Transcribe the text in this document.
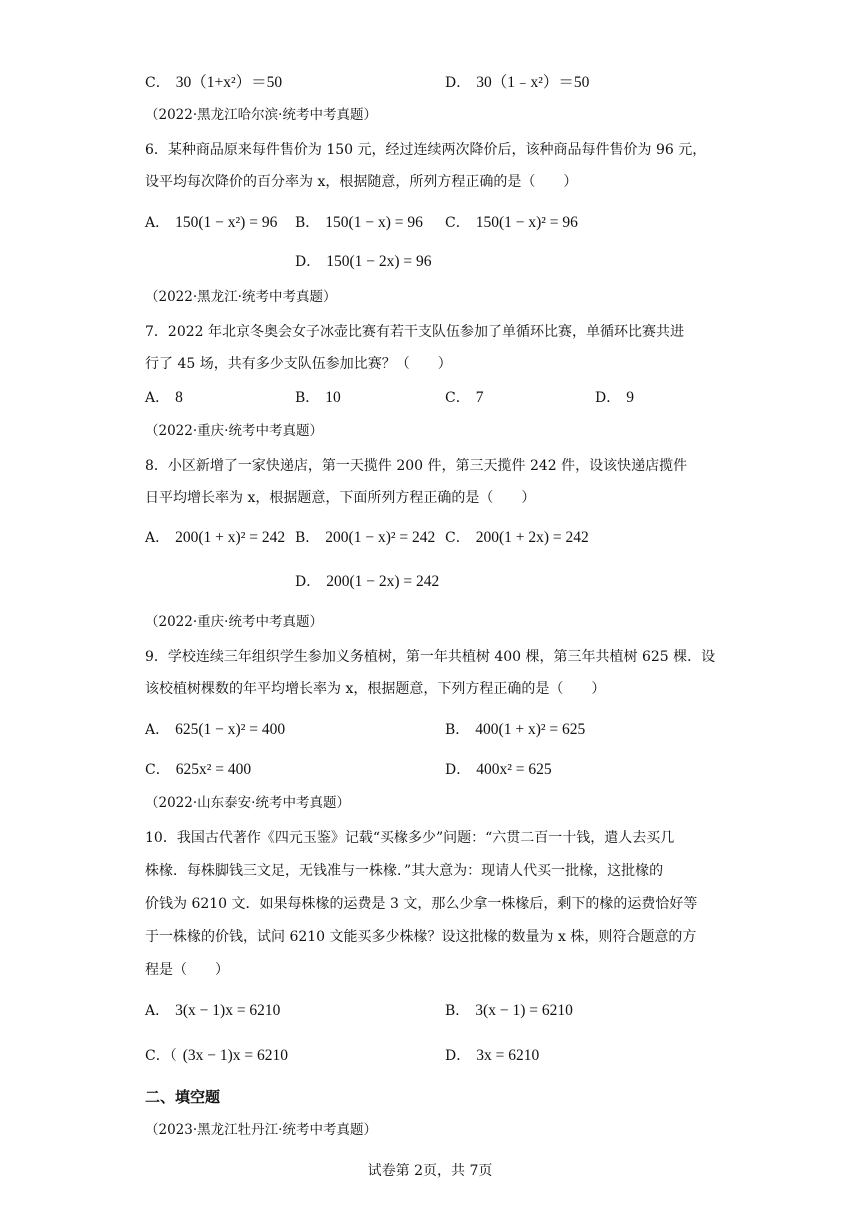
C． 30（1+x²）＝50	D． 30（1﹣x²）＝50
（2022·黑龙江哈尔滨·统考中考真题）
6．某种商品原来每件售价为 150 元，经过连续两次降价后，该种商品每件售价为 96 元，
设平均每次降价的百分率为 x，根据随意，所列方程正确的是（　　）
A． 150(1 − x²) = 96 B． 150(1 − x) = 96 C． 150(1 − x)² = 96
D． 150(1 − 2x) = 96
（2022·黑龙江·统考中考真题）
7．2022 年北京冬奥会女子冰壶比赛有若干支队伍参加了单循环比赛，单循环比赛共进
行了 45 场，共有多少支队伍参加比赛？（　　）
A． 8	B． 10	C． 7	D． 9
（2022·重庆·统考中考真题）
8．小区新增了一家快递店，第一天揽件 200 件，第三天揽件 242 件，设该快递店揽件
日平均增长率为 x，根据题意，下面所列方程正确的是（　　）
A． 200(1 + x)² = 242 B． 200(1 − x)² = 242 C． 200(1 + 2x) = 242
D． 200(1 − 2x) = 242
（2022·重庆·统考中考真题）
9．学校连续三年组织学生参加义务植树，第一年共植树 400 棵，第三年共植树 625 棵．设
该校植树棵数的年平均增长率为 x，根据题意，下列方程正确的是（　　）
A． 625(1 − x)² = 400	B． 400(1 + x)² = 625
C． 625x² = 400	D． 400x² = 625
（2022·山东泰安·统考中考真题）
10．我国古代著作《四元玉鉴》记载“买椽多少”问题：“六贯二百一十钱，遣人去买几
株椽．每株脚钱三文足，无钱准与一株椽．”其大意为：现请人代买一批椽，这批椽的
价钱为 6210 文．如果每株椽的运费是 3 文，那么少拿一株椽后，剩下的椽的运费恰好等
于一株椽的价钱，试问 6210 文能买多少株椽？设这批椽的数量为 x 株，则符合题意的方
程是（　　）
A． 3(x − 1)x = 6210	B． 3(x − 1) = 6210
C．（ (3x − 1)x = 6210	D． 3x = 6210
二、填空题
（2023·黑龙江牡丹江·统考中考真题）
试卷第 2页，共 7页
